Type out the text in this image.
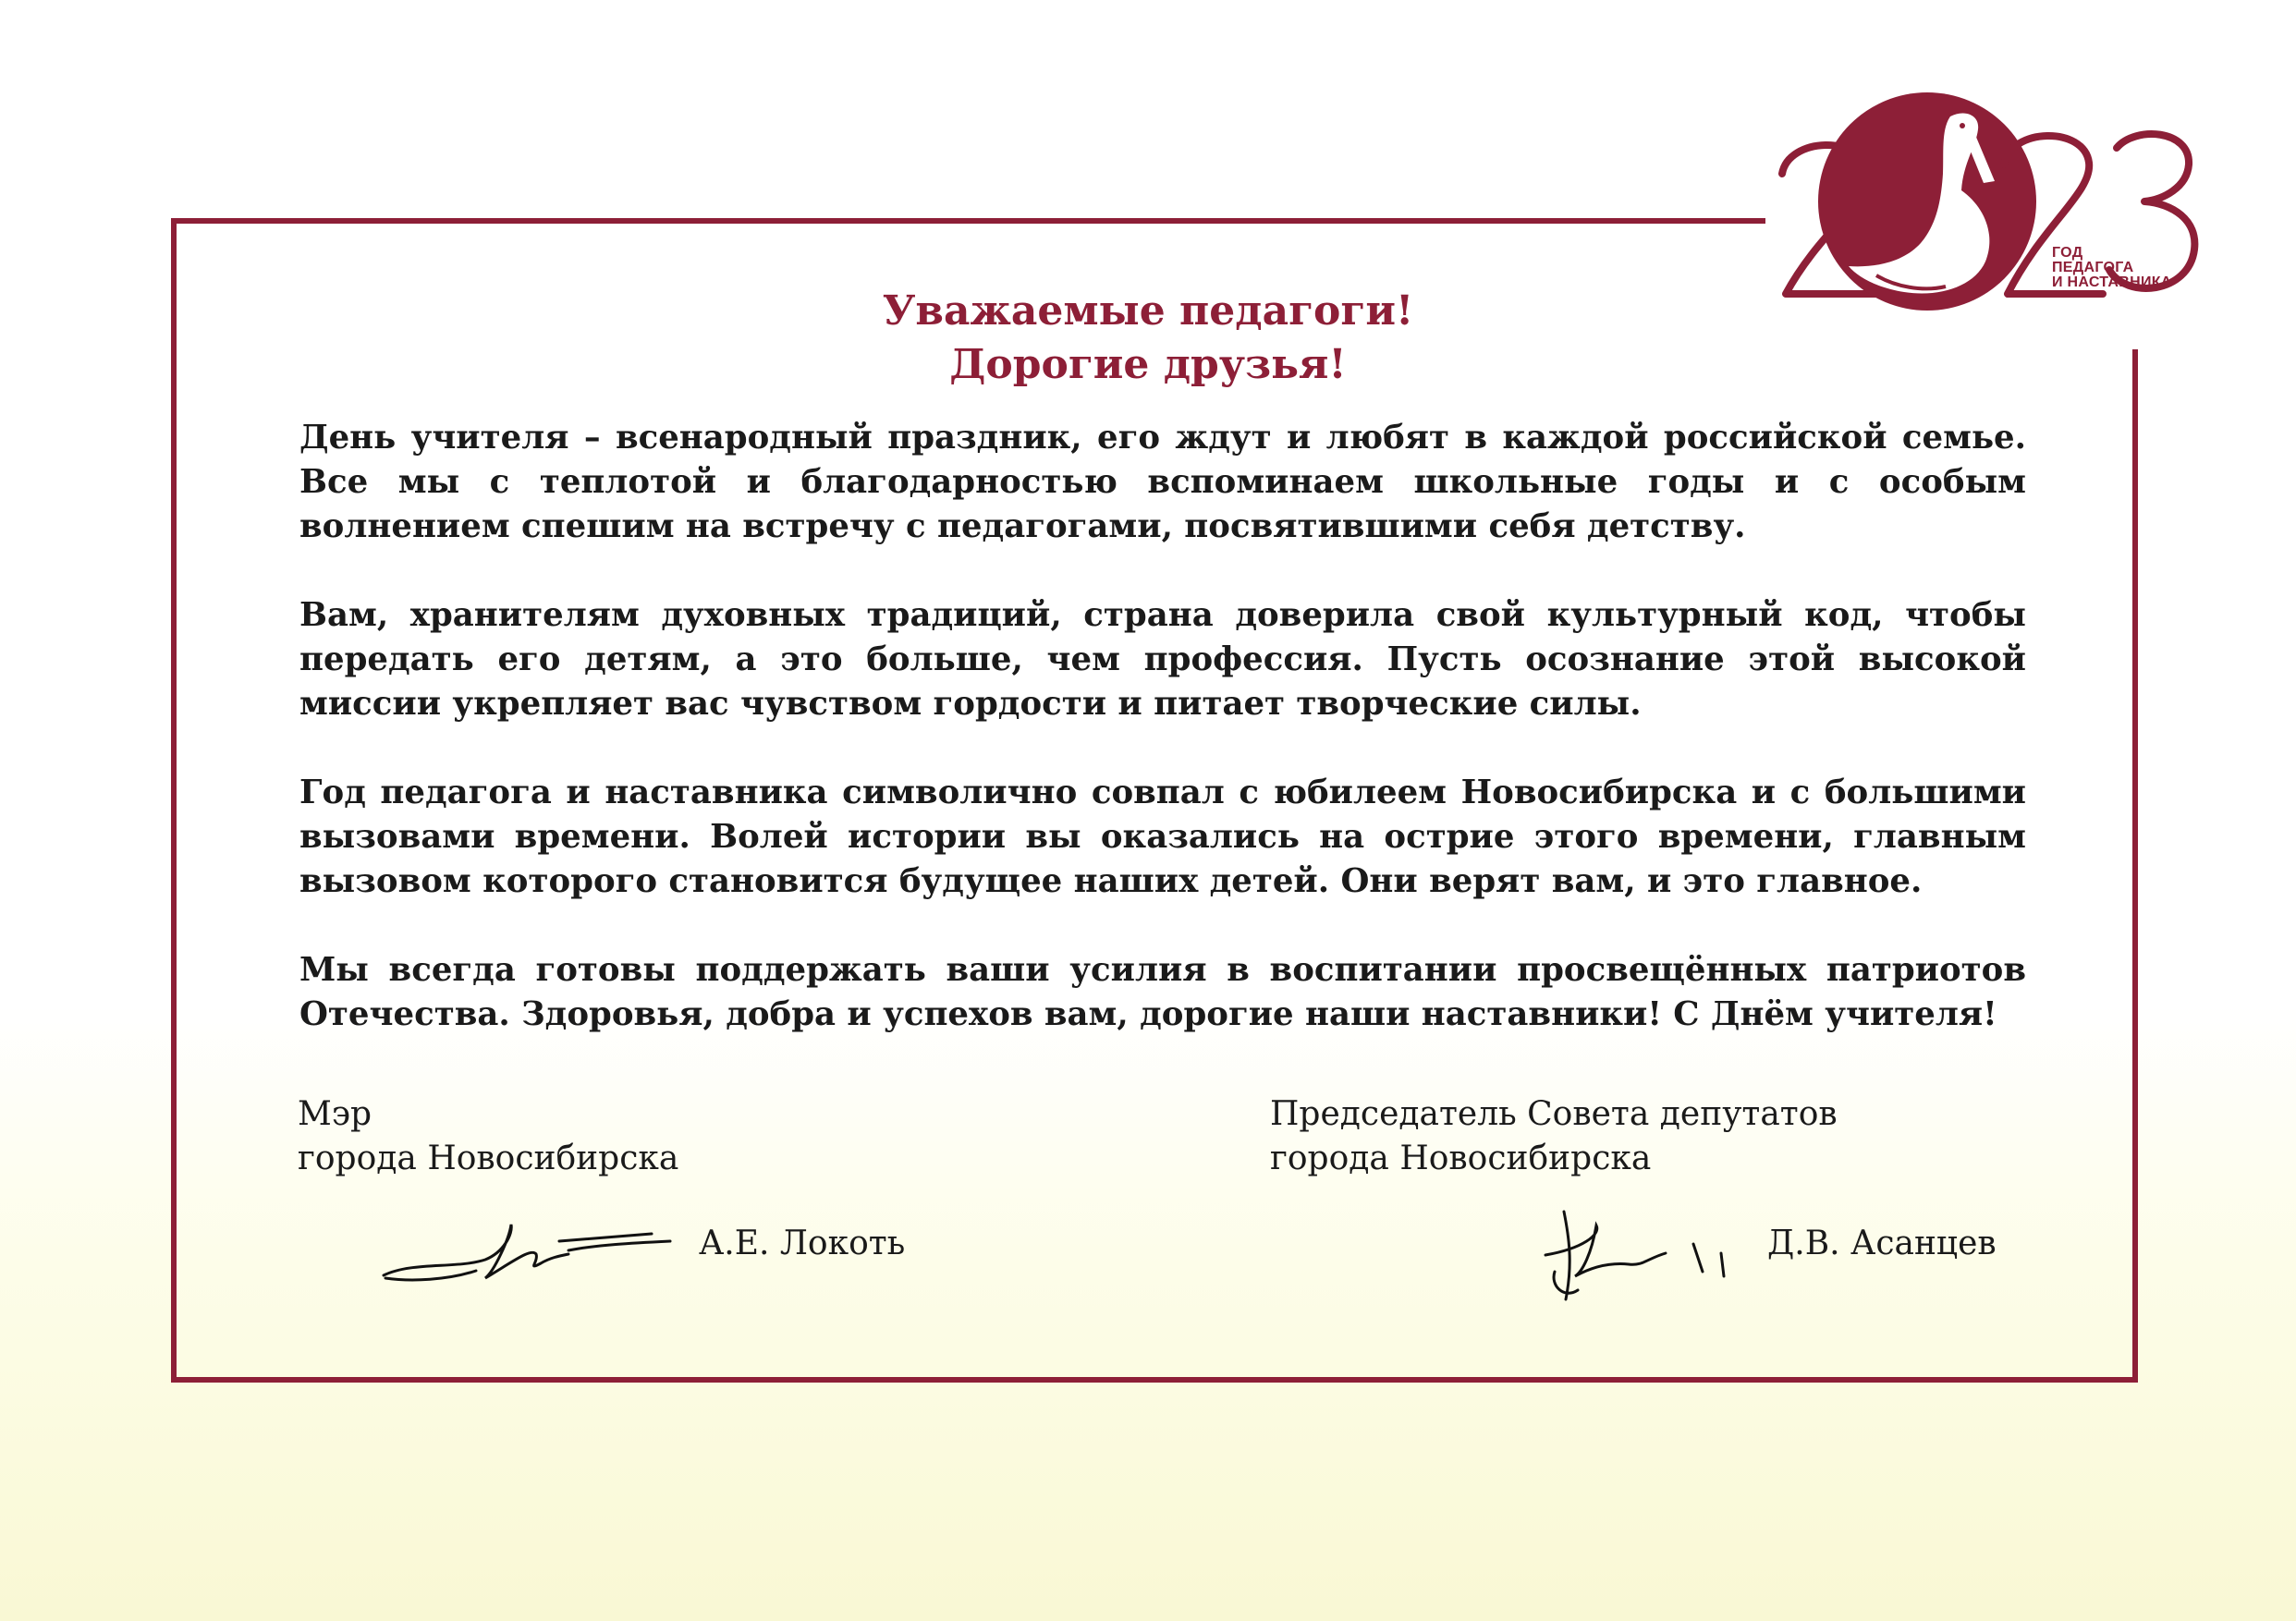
ГОД
ПЕДАГОГА
И НАСТАВНИКА
Уважаемые педагоги!
Дорогие друзья!
День учителя – всенародный праздник, его ждут и любят в каждой российской семье. Все мы с теплотой и благодарностью вспоминаем школьные годы и с особым волнением спешим на встречу с педагогами, посвятившими себя детству.
Вам, хранителям духовных традиций, страна доверила свой культурный код, чтобы передать его детям, а это больше, чем профессия. Пусть осознание этой высокой миссии укрепляет вас чувством гордости и питает творческие силы.
Год педагога и наставника символично совпал с юбилеем Новосибирска и с большими вызовами времени. Волей истории вы оказались на острие этого времени, главным вызовом которого становится будущее наших детей. Они верят вам, и это главное.
Мы всегда готовы поддержать ваши усилия в воспитании просвещённых патриотов Отечества. Здоровья, добра и успехов вам, дорогие наши наставники! С Днём учителя!
Мэр
города Новосибирска
А.Е. Локоть
Председатель Совета депутатов
города Новосибирска
Д.В. Асанцев
